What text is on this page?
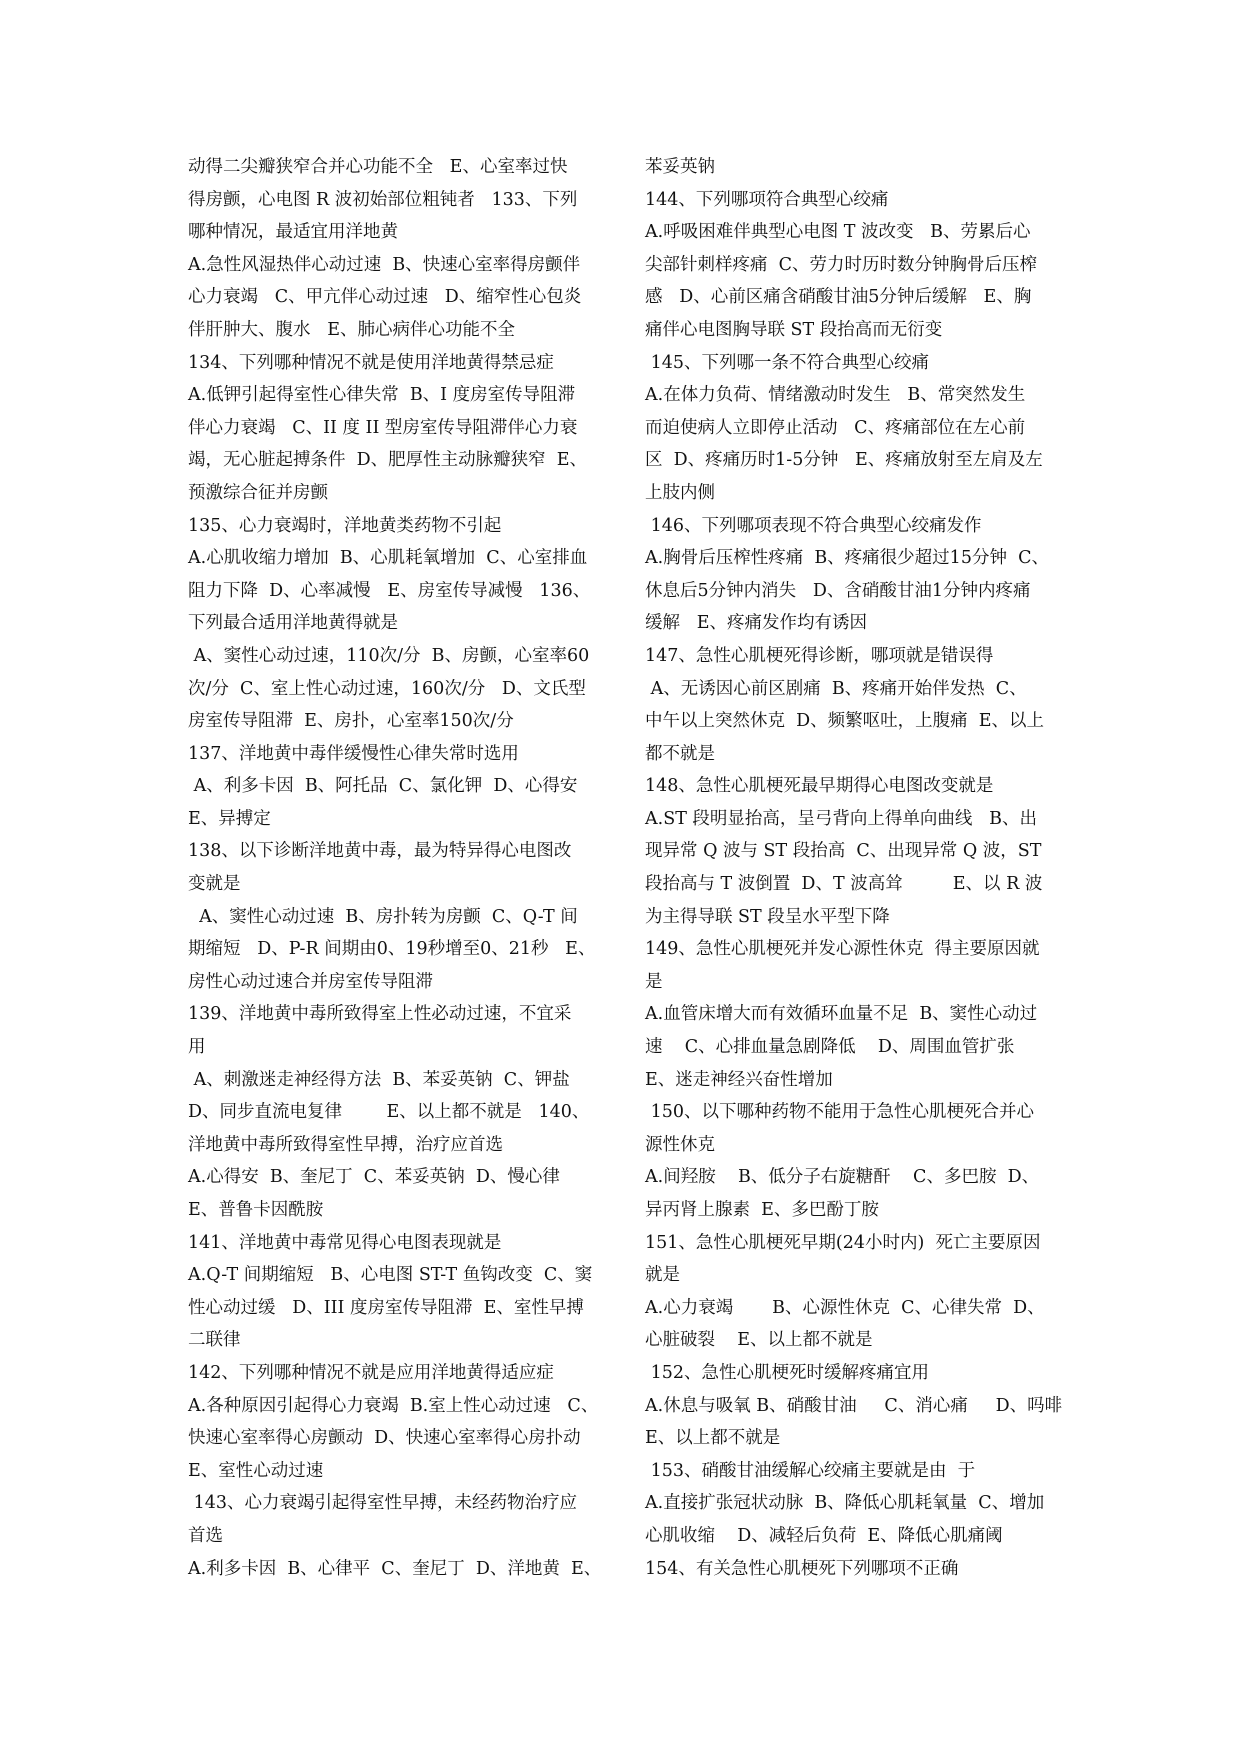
动得二尖瓣狭窄合并心功能不全   E、心室率过快
得房颤，心电图 R 波初始部位粗钝者   133、下列
哪种情况，最适宜用洋地黄
A.急性风湿热伴心动过速  B、快速心室率得房颤伴
心力衰竭   C、甲亢伴心动过速   D、缩窄性心包炎
伴肝肿大、腹水   E、肺心病伴心功能不全
134、下列哪种情况不就是使用洋地黄得禁忌症
A.低钾引起得室性心律失常  B、I 度房室传导阻滞
伴心力衰竭   C、II 度 II 型房室传导阻滞伴心力衰
竭，无心脏起搏条件  D、肥厚性主动脉瓣狭窄  E、
预激综合征并房颤
135、心力衰竭时，洋地黄类药物不引起
A.心肌收缩力增加  B、心肌耗氧增加  C、心室排血
阻力下降  D、心率减慢   E、房室传导减慢   136、
下列最合适用洋地黄得就是
A、窦性心动过速，110次/分  B、房颤，心室率60
次/分  C、室上性心动过速，160次/分   D、文氏型
房室传导阻滞  E、房扑，心室率150次/分
137、洋地黄中毒伴缓慢性心律失常时选用
A、利多卡因  B、阿托品  C、氯化钾  D、心得安
E、异搏定
138、以下诊断洋地黄中毒，最为特异得心电图改
变就是
A、窦性心动过速  B、房扑转为房颤  C、Q-T 间
期缩短   D、P-R 间期由0、19秒增至0、21秒   E、
房性心动过速合并房室传导阻滞
139、洋地黄中毒所致得室上性必动过速，不宜采
用
A、刺激迷走神经得方法  B、苯妥英钠  C、钾盐
D、同步直流电复律        E、以上都不就是   140、
洋地黄中毒所致得室性早搏，治疗应首选
A.心得安  B、奎尼丁  C、苯妥英钠  D、慢心律
E、普鲁卡因酰胺
141、洋地黄中毒常见得心电图表现就是
A.Q-T 间期缩短   B、心电图 ST-T 鱼钩改变  C、窦
性心动过缓   D、III 度房室传导阻滞  E、室性早搏
二联律
142、下列哪种情况不就是应用洋地黄得适应症
A.各种原因引起得心力衰竭  B.室上性心动过速   C、
快速心室率得心房颤动  D、快速心室率得心房扑动
E、室性心动过速
143、心力衰竭引起得室性早搏，未经药物治疗应
首选
A.利多卡因  B、心律平  C、奎尼丁  D、洋地黄  E、
苯妥英钠
144、下列哪项符合典型心绞痛
A.呼吸困难伴典型心电图 T 波改变   B、劳累后心
尖部针刺样疼痛  C、劳力时历时数分钟胸骨后压榨
感   D、心前区痛含硝酸甘油5分钟后缓解   E、胸
痛伴心电图胸导联 ST 段抬高而无衍变
145、下列哪一条不符合典型心绞痛
A.在体力负荷、情绪激动时发生   B、常突然发生
而迫使病人立即停止活动   C、疼痛部位在左心前
区  D、疼痛历时1-5分钟   E、疼痛放射至左肩及左
上肢内侧
146、下列哪项表现不符合典型心绞痛发作
A.胸骨后压榨性疼痛  B、疼痛很少超过15分钟  C、
休息后5分钟内消失   D、含硝酸甘油1分钟内疼痛
缓解   E、疼痛发作均有诱因
147、急性心肌梗死得诊断，哪项就是错误得
A、无诱因心前区剧痛  B、疼痛开始伴发热  C、
中午以上突然休克  D、频繁呕吐，上腹痛  E、以上
都不就是
148、急性心肌梗死最早期得心电图改变就是
A.ST 段明显抬高，呈弓背向上得单向曲线   B、出
现异常 Q 波与 ST 段抬高  C、出现异常 Q 波，ST
段抬高与 T 波倒置  D、T 波高耸         E、以 R 波
为主得导联 ST 段呈水平型下降
149、急性心肌梗死并发心源性休克  得主要原因就
是
A.血管床增大而有效循环血量不足  B、窦性心动过
速    C、心排血量急剧降低    D、周围血管扩张
E、迷走神经兴奋性增加
150、以下哪种药物不能用于急性心肌梗死合并心
源性休克
A.间羟胺    B、低分子右旋糖酐    C、多巴胺  D、
异丙肾上腺素  E、多巴酚丁胺
151、急性心肌梗死早期(24小时内)  死亡主要原因
就是
A.心力衰竭       B、心源性休克  C、心律失常  D、
心脏破裂    E、以上都不就是
152、急性心肌梗死时缓解疼痛宜用
A.休息与吸氧 B、硝酸甘油     C、消心痛     D、吗啡
E、以上都不就是
153、硝酸甘油缓解心绞痛主要就是由  于
A.直接扩张冠状动脉  B、降低心肌耗氧量  C、增加
心肌收缩    D、减轻后负荷  E、降低心肌痛阈
154、有关急性心肌梗死下列哪项不正确
